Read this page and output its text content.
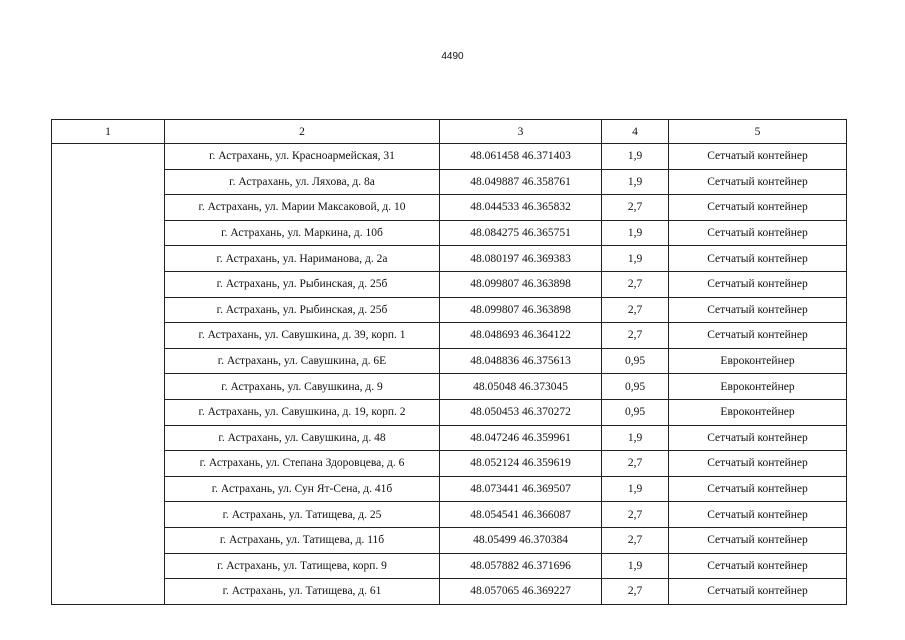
4490
1	2	3	4	5
	г. Астрахань, ул. Красноармейская, 31	48.061458 46.371403	1,9	Сетчатый контейнер
	г. Астрахань, ул. Ляхова, д. 8а	48.049887 46.358761	1,9	Сетчатый контейнер
	г. Астрахань, ул. Марии Максаковой, д. 10	48.044533 46.365832	2,7	Сетчатый контейнер
	г. Астрахань, ул. Маркина, д. 10б	48.084275 46.365751	1,9	Сетчатый контейнер
	г. Астрахань, ул. Нариманова, д. 2а	48.080197 46.369383	1,9	Сетчатый контейнер
	г. Астрахань, ул. Рыбинская, д. 25б	48.099807 46.363898	2,7	Сетчатый контейнер
	г. Астрахань, ул. Рыбинская, д. 25б	48.099807 46.363898	2,7	Сетчатый контейнер
	г. Астрахань, ул. Савушкина, д. 39, корп. 1	48.048693 46.364122	2,7	Сетчатый контейнер
	г. Астрахань, ул. Савушкина, д. 6Е	48.048836 46.375613	0,95	Евроконтейнер
	г. Астрахань, ул. Савушкина, д. 9	48.05048 46.373045	0,95	Евроконтейнер
	г. Астрахань, ул. Савушкина, д. 19, корп. 2	48.050453 46.370272	0,95	Евроконтейнер
	г. Астрахань, ул. Савушкина, д. 48	48.047246 46.359961	1,9	Сетчатый контейнер
	г. Астрахань, ул. Степана Здоровцева, д. 6	48.052124 46.359619	2,7	Сетчатый контейнер
	г. Астрахань, ул. Сун Ят-Сена, д. 41б	48.073441 46.369507	1,9	Сетчатый контейнер
	г. Астрахань, ул. Татищева, д. 25	48.054541 46.366087	2,7	Сетчатый контейнер
	г. Астрахань, ул. Татищева, д. 11б	48.05499 46.370384	2,7	Сетчатый контейнер
	г. Астрахань, ул. Татищева, корп. 9	48.057882 46.371696	1,9	Сетчатый контейнер
	г. Астрахань, ул. Татищева, д. 61	48.057065 46.369227	2,7	Сетчатый контейнер
